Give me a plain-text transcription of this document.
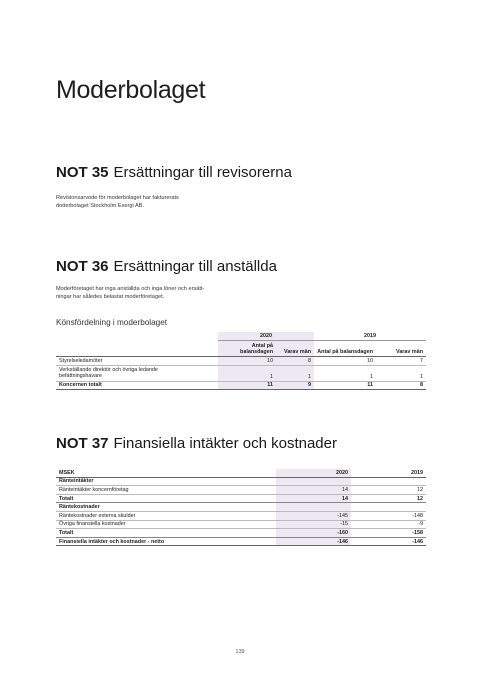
Moderbolaget
NOT 35 Ersättningar till revisorerna
Revisionsarvode för moderbolaget har fakturerats
dotterbolaget Stockholm Exergi AB.
NOT 36 Ersättningar till anställda
Moderföretaget har inga anställda och inga löner och ersätt-
ningar har således belastat moderföretaget.
Könsfördelning i moderbolaget
	2020		2019	
	Antal på balansdagen	Varav män	Antal på balansdagen	Varav män
Styrelseledamöter	10	8	10	7
Verkställande direktör och övriga ledande befattningshavare	1	1	1	1
Koncernen totalt	11	9	11	8
NOT 37 Finansiella intäkter och kostnader
MSEK	2020	2019
Ränteintäkter		
Ränteintäkter koncernföretag	14	12
Totalt	14	12
Räntekostnader		
Räntekostnader externa skulder	-145	-148
Övriga finansiella kostnader	-15	-9
Totalt	-160	-158
Finansiella intäkter och kostnader - netto	-146	-146
139
